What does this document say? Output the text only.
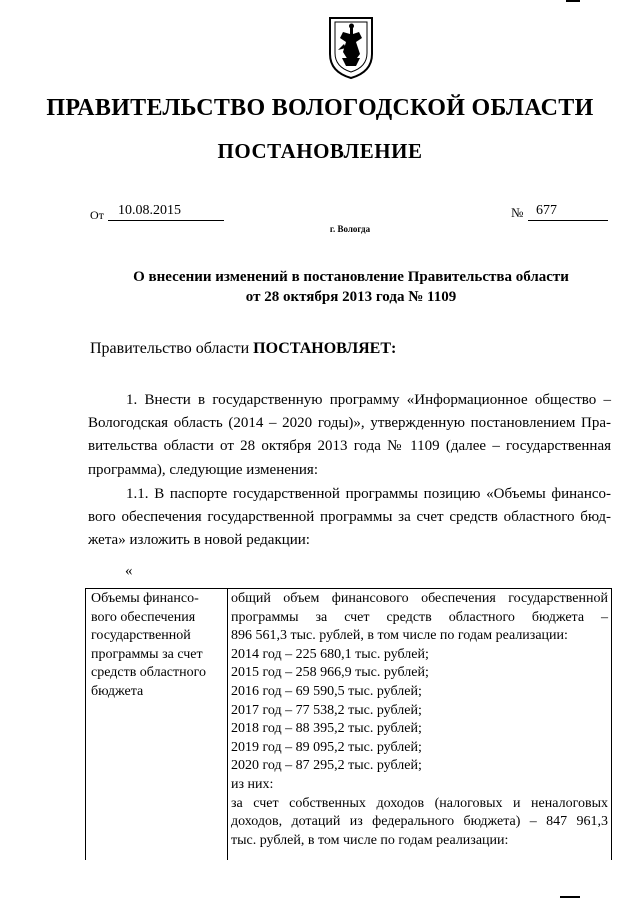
ПРАВИТЕЛЬСТВО ВОЛОГОДСКОЙ ОБЛАСТИ
ПОСТАНОВЛЕНИЕ
От	10.08.2015	№ 677
г. Вологда
О внесении изменений в постановление Правительства области
от 28 октября 2013 года № 1109
Правительство области ПОСТАНОВЛЯЕТ:
1. Внести в государственную программу «Информационное общество –
Вологодская область (2014 – 2020 годы)», утвержденную постановлением Пра-
вительства области от 28 октября 2013 года № 1109 (далее – государственная
программа), следующие изменения:
1.1. В паспорте государственной программы позицию «Объемы финансо-
вого обеспечения государственной программы за счет средств областного бюд-
жета» изложить в новой редакции:
«
Объемы финансо-
вого обеспечения
государственной
программы за счет
средств областного
бюджета
общий объем финансового обеспечения государственной
программы за счет средств областного бюджета –
896 561,3 тыс. рублей, в том числе по годам реализации:
2014 год – 225 680,1 тыс. рублей;
2015 год – 258 966,9 тыс. рублей;
2016 год – 69 590,5 тыс. рублей;
2017 год – 77 538,2 тыс. рублей;
2018 год – 88 395,2 тыс. рублей;
2019 год – 89 095,2 тыс. рублей;
2020 год – 87 295,2 тыс. рублей;
из них:
за счет собственных доходов (налоговых и неналоговых
доходов, дотаций из федерального бюджета) – 847 961,3
тыс. рублей, в том числе по годам реализации:
